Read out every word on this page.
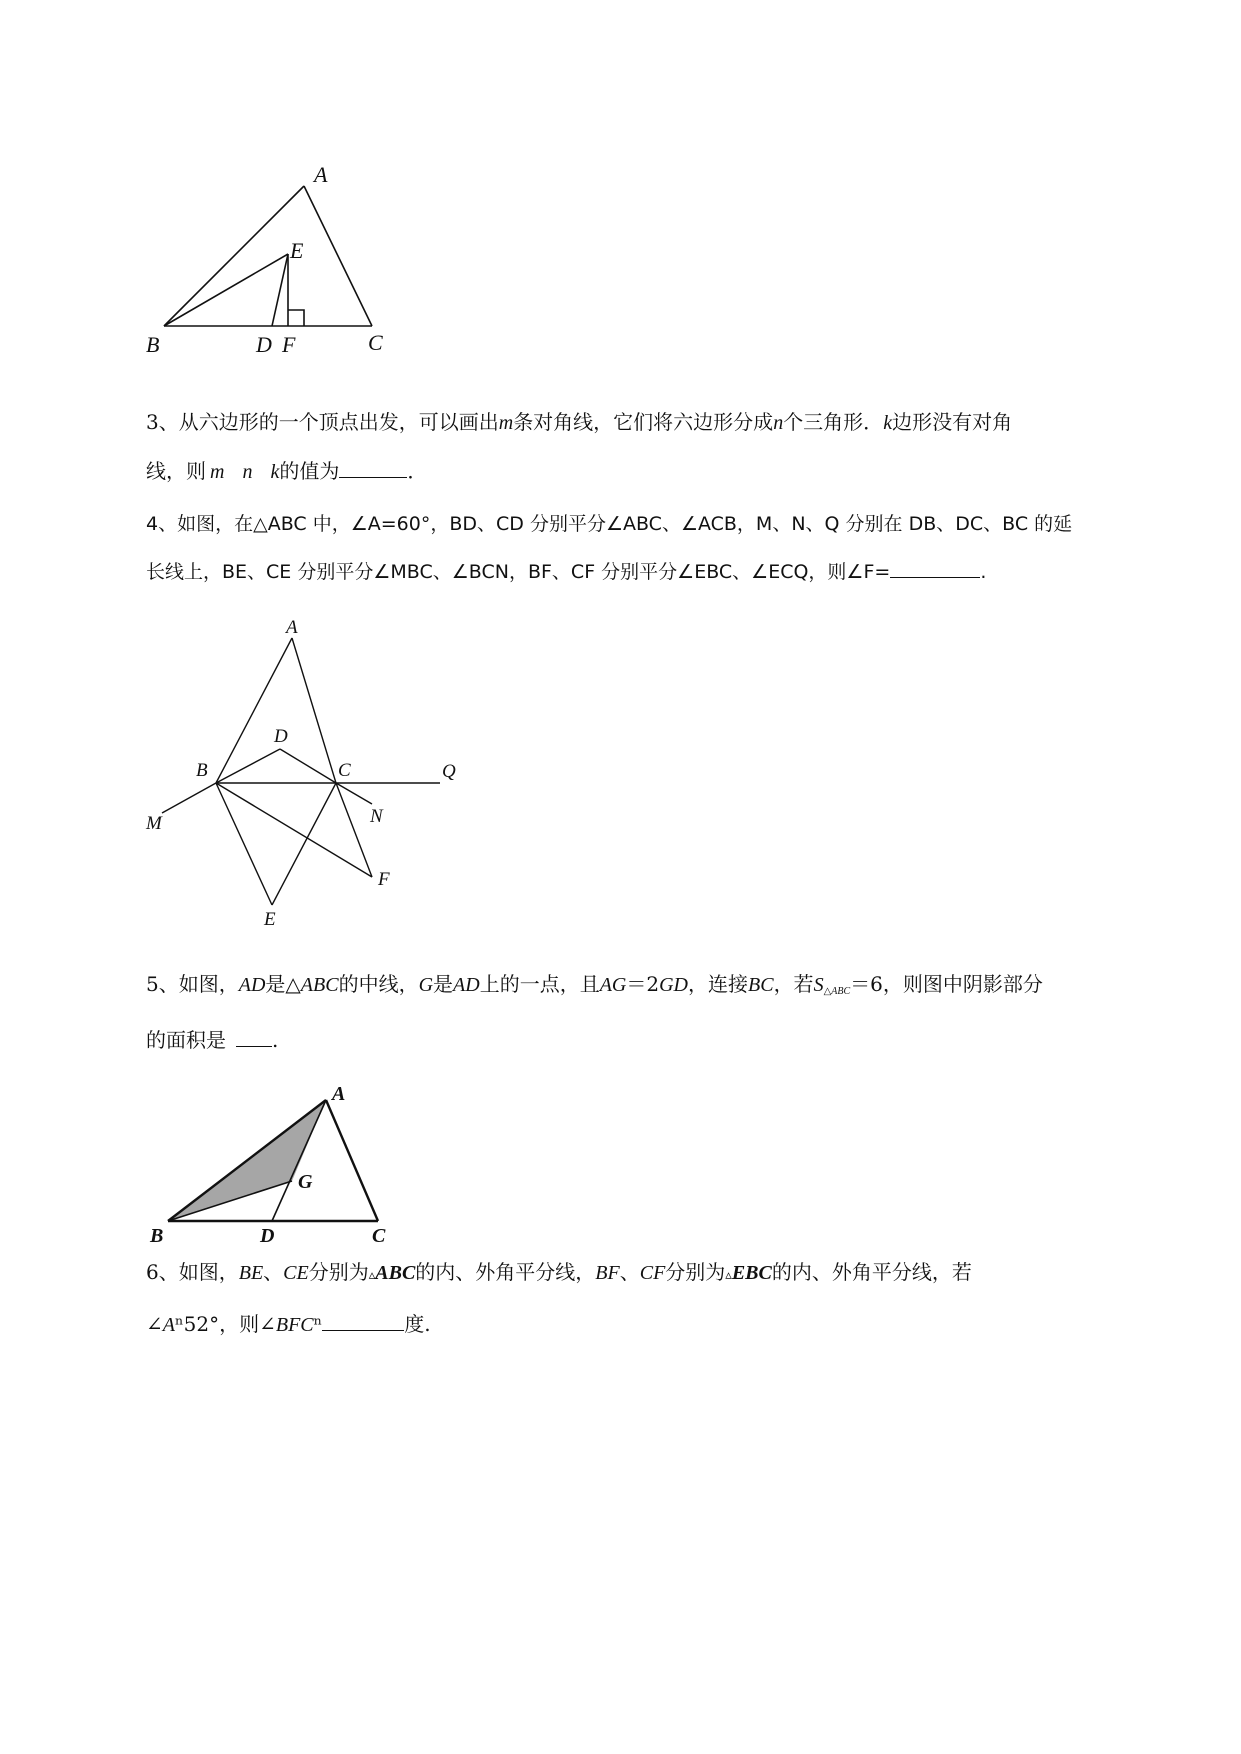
A
E
B	D F	C
3、从六边形的一个顶点出发，可以画出m条对角线，它们将六边形分成n个三角形．k边形没有对角
线，则 m n k的值为	．
4、如图，在△ABC 中，∠A=60°，BD、CD 分别平分∠ABC、∠ACB，M、N、Q 分别在 DB、DC、BC 的延
长线上，BE、CE 分别平分∠MBC、∠BCN，BF、CF 分别平分∠EBC、∠ECQ，则∠F=	.
A
D
B	C	Q
M	N
F
E
5、如图，AD是△ABC的中线，G是AD上的一点，且AG＝2GD，连接BC，若$S_{\triangle ABC}=6$，则图中阴影部分
的面积是 .
A
G
B	D	C
6、如图，BE、CE分别为▵ABC的内、外角平分线，BF、CF分别为▵EBC的内、外角平分线，若
∠Aⁿ52°，则∠BFCⁿ	度.
